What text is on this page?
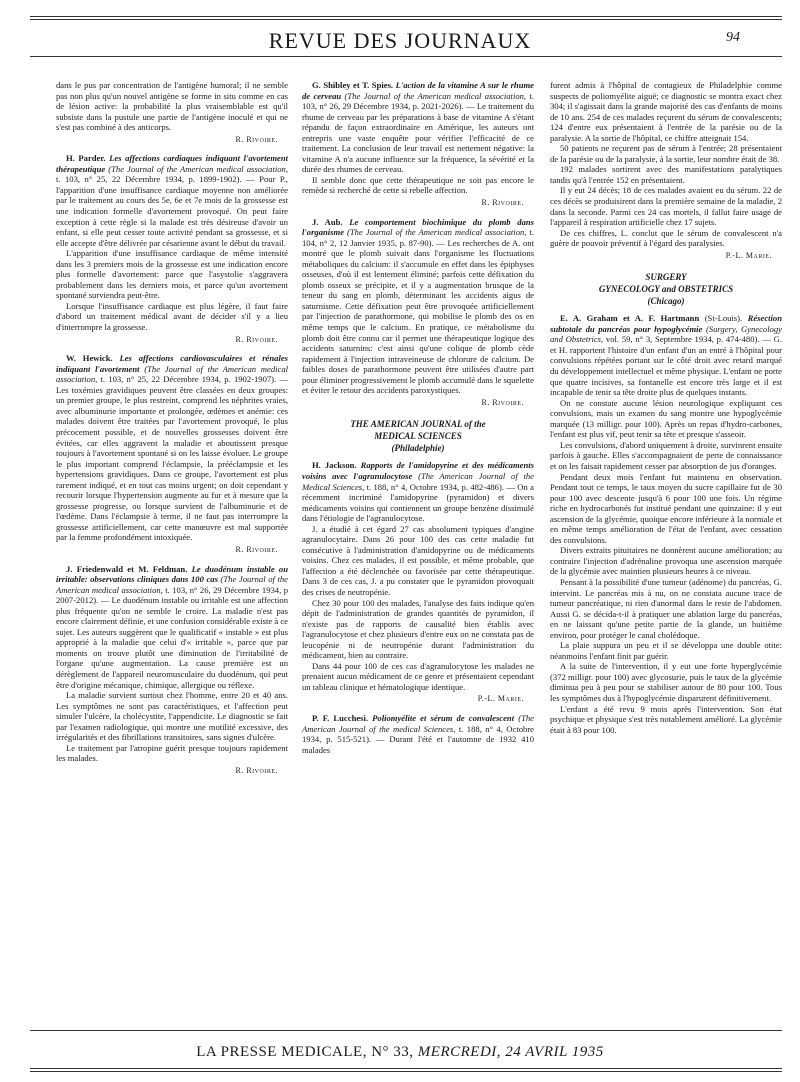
REVUE DES JOURNAUX	94

dans le pus par concentration de l'antigène humoral; il ne semble pas non plus qu'un nouvel antigène se forme in situ comme en cas de lésion active: la probabilité la plus vraisemblable est qu'il subsiste dans la pustule une partie de l'antigène inoculé et qui ne s'est pas combiné à des anticorps.

R. Rivoire.

H. Parder. Les affections cardiaques indiquant l'avortement thérapeutique (The Journal of the American medical association, t. 103, n° 25, 22 Décembre 1934, p. 1899-1902). — Pour P., l'apparition d'une insuffisance cardiaque moyenne non améliorée par le traitement au cours des 5e, 6e et 7e mois de la grossesse est une indication formelle d'avortement provoqué. On peut faire exception à cette règle si la malade est très désireuse d'avoir un enfant, si elle peut cesser toute activité pendant sa grossesse, et si elle accepte d'être délivrée par césarienne avant le début du travail.

L'apparition d'une insuffisance cardiaque de même intensité dans les 3 premiers mois de la grossesse est une indication encore plus formelle d'avortement: parce que l'asystolie s'aggravera probablement dans les derniers mois, et parce qu'un avortement spontané surviendra peut-être.

Lorsque l'insuffisance cardiaque est plus légère, il faut faire d'abord un traitement médical avant de décider s'il y a lieu d'interrompre la grossesse.

R. Rivoire.

W. Hewick. Les affections cardiovasculaires et rénales indiquant l'avortement (The Journal of the American medical association, t. 103, n° 25, 22 Décembre 1934, p. 1902-1907). — Les toxémies gravidiques peuvent être classées en deux groupes: un premier groupe, le plus restreint, comprend les néphrites vraies, avec albuminurie importante et prolongée, œdèmes et anémie: ces malades doivent être traitées par l'avortement provoqué, le plus précocement possible, et de nouvelles grossesses doivent être évitées, car elles aggravent la maladie et aboutissent presque toujours à l'avortement spontané si on les laisse évoluer. Le groupe le plus important comprend l'éclampsie, la prééclampsie et les hypertensions gravidiques. Dans ce groupe, l'avortement est plus rarement indiqué, et en tout cas moins urgent; on doit cependant y recourir lorsque l'hypertension augmente au fur et à mesure que la grossesse progresse, ou lorsque survient de l'albuminurie et de l'œdème. Dans l'éclampsie à terme, il ne faut pas interrompre la grossesse artificiellement, car cette manœuvre est mal supportée par la femme profondément intoxiquée.

R. Rivoire.

J. Friedenwald et M. Feldman. Le duodénum instable ou irritable: observations cliniques dans 100 cas (The Journal of the American medical association, t. 103, n° 26, 29 Décembre 1934, p 2007-2012). — Le duodénum instable ou irritable est une affection plus fréquente qu'on ne semble le croire. La maladie n'est pas encore clairement définie, et une confusion considérable existe à ce sujet. Les auteurs suggèrent que le qualificatif « instable » est plus approprié à la maladie que celui d'« irritable », parce que par moments on trouve plutôt une diminution de l'irritabilité de l'organe qu'une augmentation. La cause première est un dérèglement de l'appareil neuromusculaire du duodénum, qui peut être d'origine mécanique, chimique, allergique ou réflexe.

La maladie survient surtout chez l'homme, entre 20 et 40 ans. Les symptômes ne sont pas caractéristiques, et l'affection peut simuler l'ulcère, la cholécystite, l'appendicite. Le diagnostic se fait par l'examen radiologique, qui montre une motilité excessive, des irrégularités et des fibrillations transitoires, sans signes d'ulcère.

Le traitement par l'atropine guérit presque toujours rapidement les malades.

R. Rivoire.

G. Shibley et T. Spies. L'action de la vitamine A sur le rhume de cerveau (The Journal of the American medical association, t. 103, n° 26, 29 Décembre 1934, p. 2021-2026). — Le traitement du rhume de cerveau par les préparations à base de vitamine A s'étant répandu de façon extraordinaire en Amérique, les auteurs ont entrepris une vaste enquête pour vérifier l'efficacité de ce traitement. La conclusion de leur travail est nettement négative: la vitamine A n'a aucune influence sur la fréquence, la sévérité et la durée des rhumes de cerveau.

Il semble donc que cette thérapeutique ne soit pas encore le remède si recherché de cette si rebelle affection.

R. Rivoire.

J. Aub. Le comportement biochimique du plomb dans l'organisme (The Journal of the American medical association, t. 104, n° 2, 12 Janvier 1935, p. 87-90). — Les recherches de A. ont montré que le plomb suivait dans l'organisme les fluctuations métaboliques du calcium: il s'accumule en effet dans les épiphyses osseuses, d'où il est lentement éliminé; parfois cette défixation du plomb osseux se précipite, et il y a augmentation brusque de la teneur du sang en plomb, déterminant les accidents aigus de saturnisme. Cette défixation peut être provoquée artificiellement par l'injection de parathormone, qui mobilise le plomb des os en même temps que le calcium. En pratique, ce métabolisme du plomb doit être connu car il permet une thérapeutique logique des accidents saturnins: c'est ainsi qu'une colique de plomb cède rapidement à l'injection intraveineuse de chlorure de calcium. De faibles doses de parathormone peuvent être utilisées d'autre part pour éliminer progressivement le plomb accumulé dans le squelette et éviter le retour des accidents paroxystiques.

R. Rivoire.
THE AMERICAN JOURNAL of the
MEDICAL SCIENCES
(Philadelphie)

H. Jackson. Rapports de l'amidopyrine et des médicaments voisins avec l'agranulocytose (The American Journal of the Medical Sciences, t. 188, n° 4, Octobre 1934, p. 482-486). — On a récemment incriminé l'amidopyrine (pyramidon) et divers médicaments voisins qui contiennent un groupe benzène dissimulé dans l'étiologie de l'agranulocytose.

J. a étudié à cet égard 27 cas absolument typiques d'angine agranulocytaire. Dans 26 pour 100 des cas cette maladie fut consécutive à l'administration d'amidopyrine ou de médicaments voisins. Chez ces malades, il est possible, et même probable, que l'affection a été déclenchée ou favorisée par cette thérapeutique. Dans 3 de ces cas, J. a pu constater que le pyramidon provoquait des crises de neutropénie.

Chez 30 pour 100 des malades, l'analyse des faits indique qu'en dépit de l'administration de grandes quantités de pyramidon, il n'existe pas de rapports de causalité bien établis avec l'agranulocytose et chez plusieurs d'entre eux on ne constata pas de leucopénie ni de neutropénie durant l'administration du médicament, bien au contraire.

Dans 44 pour 100 de ces cas d'agranulocytose les malades ne prenaient aucun médicament de ce genre et présentaient cependant un tableau clinique et hématologique identique.

P.-L. Marie.

P. F. Lucchesi. Poliomyélite et sérum de convalescent (The American Journal of the medical Sciences, t. 188, n° 4, Octobre 1934, p. 515-521). — Durant l'été et l'automne de 1932 410 malades

furent admis à l'hôpital de contagieux de Philadelphie comme suspects de poliomyélite aiguë; ce diagnostic se montra exact chez 304; il s'agissait dans la grande majorité des cas d'enfants de moins de 10 ans. 254 de ces malades reçurent du sérum de convalescents; 124 d'entre eux présentaient à l'entrée de la parésie ou de la paralysie. A la sortie de l'hôpital, ce chiffre atteignait 154.

50 patients ne reçurent pas de sérum à l'entrée; 28 présentaient de la parésie ou de la paralysie, à la sortie, leur nombre était de 38.

192 malades sortirent avec des manifestations paralytiques tandis qu'à l'entrée 152 en présentaient.

Il y eut 24 décès; 18 de ces malades avaient eu du sérum. 22 de ces décès se produisirent dans la première semaine de la maladie, 2 dans la seconde. Parmi ces 24 cas mortels, il fallut faire usage de l'appareil à respiration artificielle chez 17 sujets.

De ces chiffres, L. conclut que le sérum de convalescent n'a guère de pouvoir préventif à l'égard des paralysies.

P.-L. Marie.
SURGERY
GYNECOLOGY and OBSTETRICS
(Chicago)

E. A. Graham et A. F. Hartmann (St-Louis). Résection subtotale du pancréas pour hypoglycémie (Surgery, Gynecology and Obstetrics, vol. 59, n° 3, Septembre 1934, p. 474-480). — G. et H. rapportent l'histoire d'un enfant d'un an entré à l'hôpital pour convulsions répétées portant sur le côté droit avec retard marqué du développement intellectuel et même physique. L'enfant ne porte que quatre incisives, sa fontanelle est encore très large et il est incapable de tenir sa tête droite plus de quelques instants.

On ne constate aucune lésion neurologique expliquant ces convulsions, mais un examen du sang montre une hypoglycémie marquée (13 milligr. pour 100). Après un repas d'hydro-carbones, l'enfant est plus vif, peut tenir sa tête et presque s'asseoir.

Les convulsions, d'abord uniquement à droite, survinrent ensuite parfois à gauche. Elles s'accompagnaient de perte de connaissance et on les faisait rapidement cesser par absorption de jus d'oranges.

Pendant deux mois l'enfant fut maintenu en observation. Pendant tout ce temps, le taux moyen du sucre capillaire fut de 30 pour 100 avec descente jusqu'à 6 pour 100 une fois. Un régime riche en hydrocarbonés fut institué pendant une quinzaine: il y eut ascension de la glycémie, quoique encore inférieure à la normale et en même temps amélioration de l'état de l'enfant, avec cessation des convulsions.

Divers extraits pituitaires ne donnèrent aucune amélioration; au contraire l'injection d'adrénaline provoqua une ascension marquée de la glycémie avec maintien plusieurs heures à ce niveau.

Pensant à la possibilité d'une tumeur (adénome) du pancréas, G. intervint. Le pancréas mis à nu, on ne constata aucune trace de tumeur pancréatique, ni rien d'anormal dans le reste de l'abdomen. Aussi G. se décida-t-il à pratiquer une ablation large du pancréas, en ne laissant qu'une petite partie de la glande, un huitième environ, pour protéger le canal cholédoque.

La plaie suppura un peu et il se développa une double otite: néanmoins l'enfant finit par guérir.

A la suite de l'intervention, il y eut une forte hyperglycémie (372 milligr. pour 100) avec glycosurie, puis le taux de la glycémie diminua peu à peu pour se stabiliser autour de 80 pour 100. Tous les symptômes dus à l'hypoglycémie disparurent définitivement.

L'enfant a été revu 9 mois après l'intervention. Son état psychique et physique s'est très notablement amélioré. La glycémie était à 83 pour 100.

LA PRESSE MEDICALE, N° 33, MERCREDI, 24 AVRIL 1935
